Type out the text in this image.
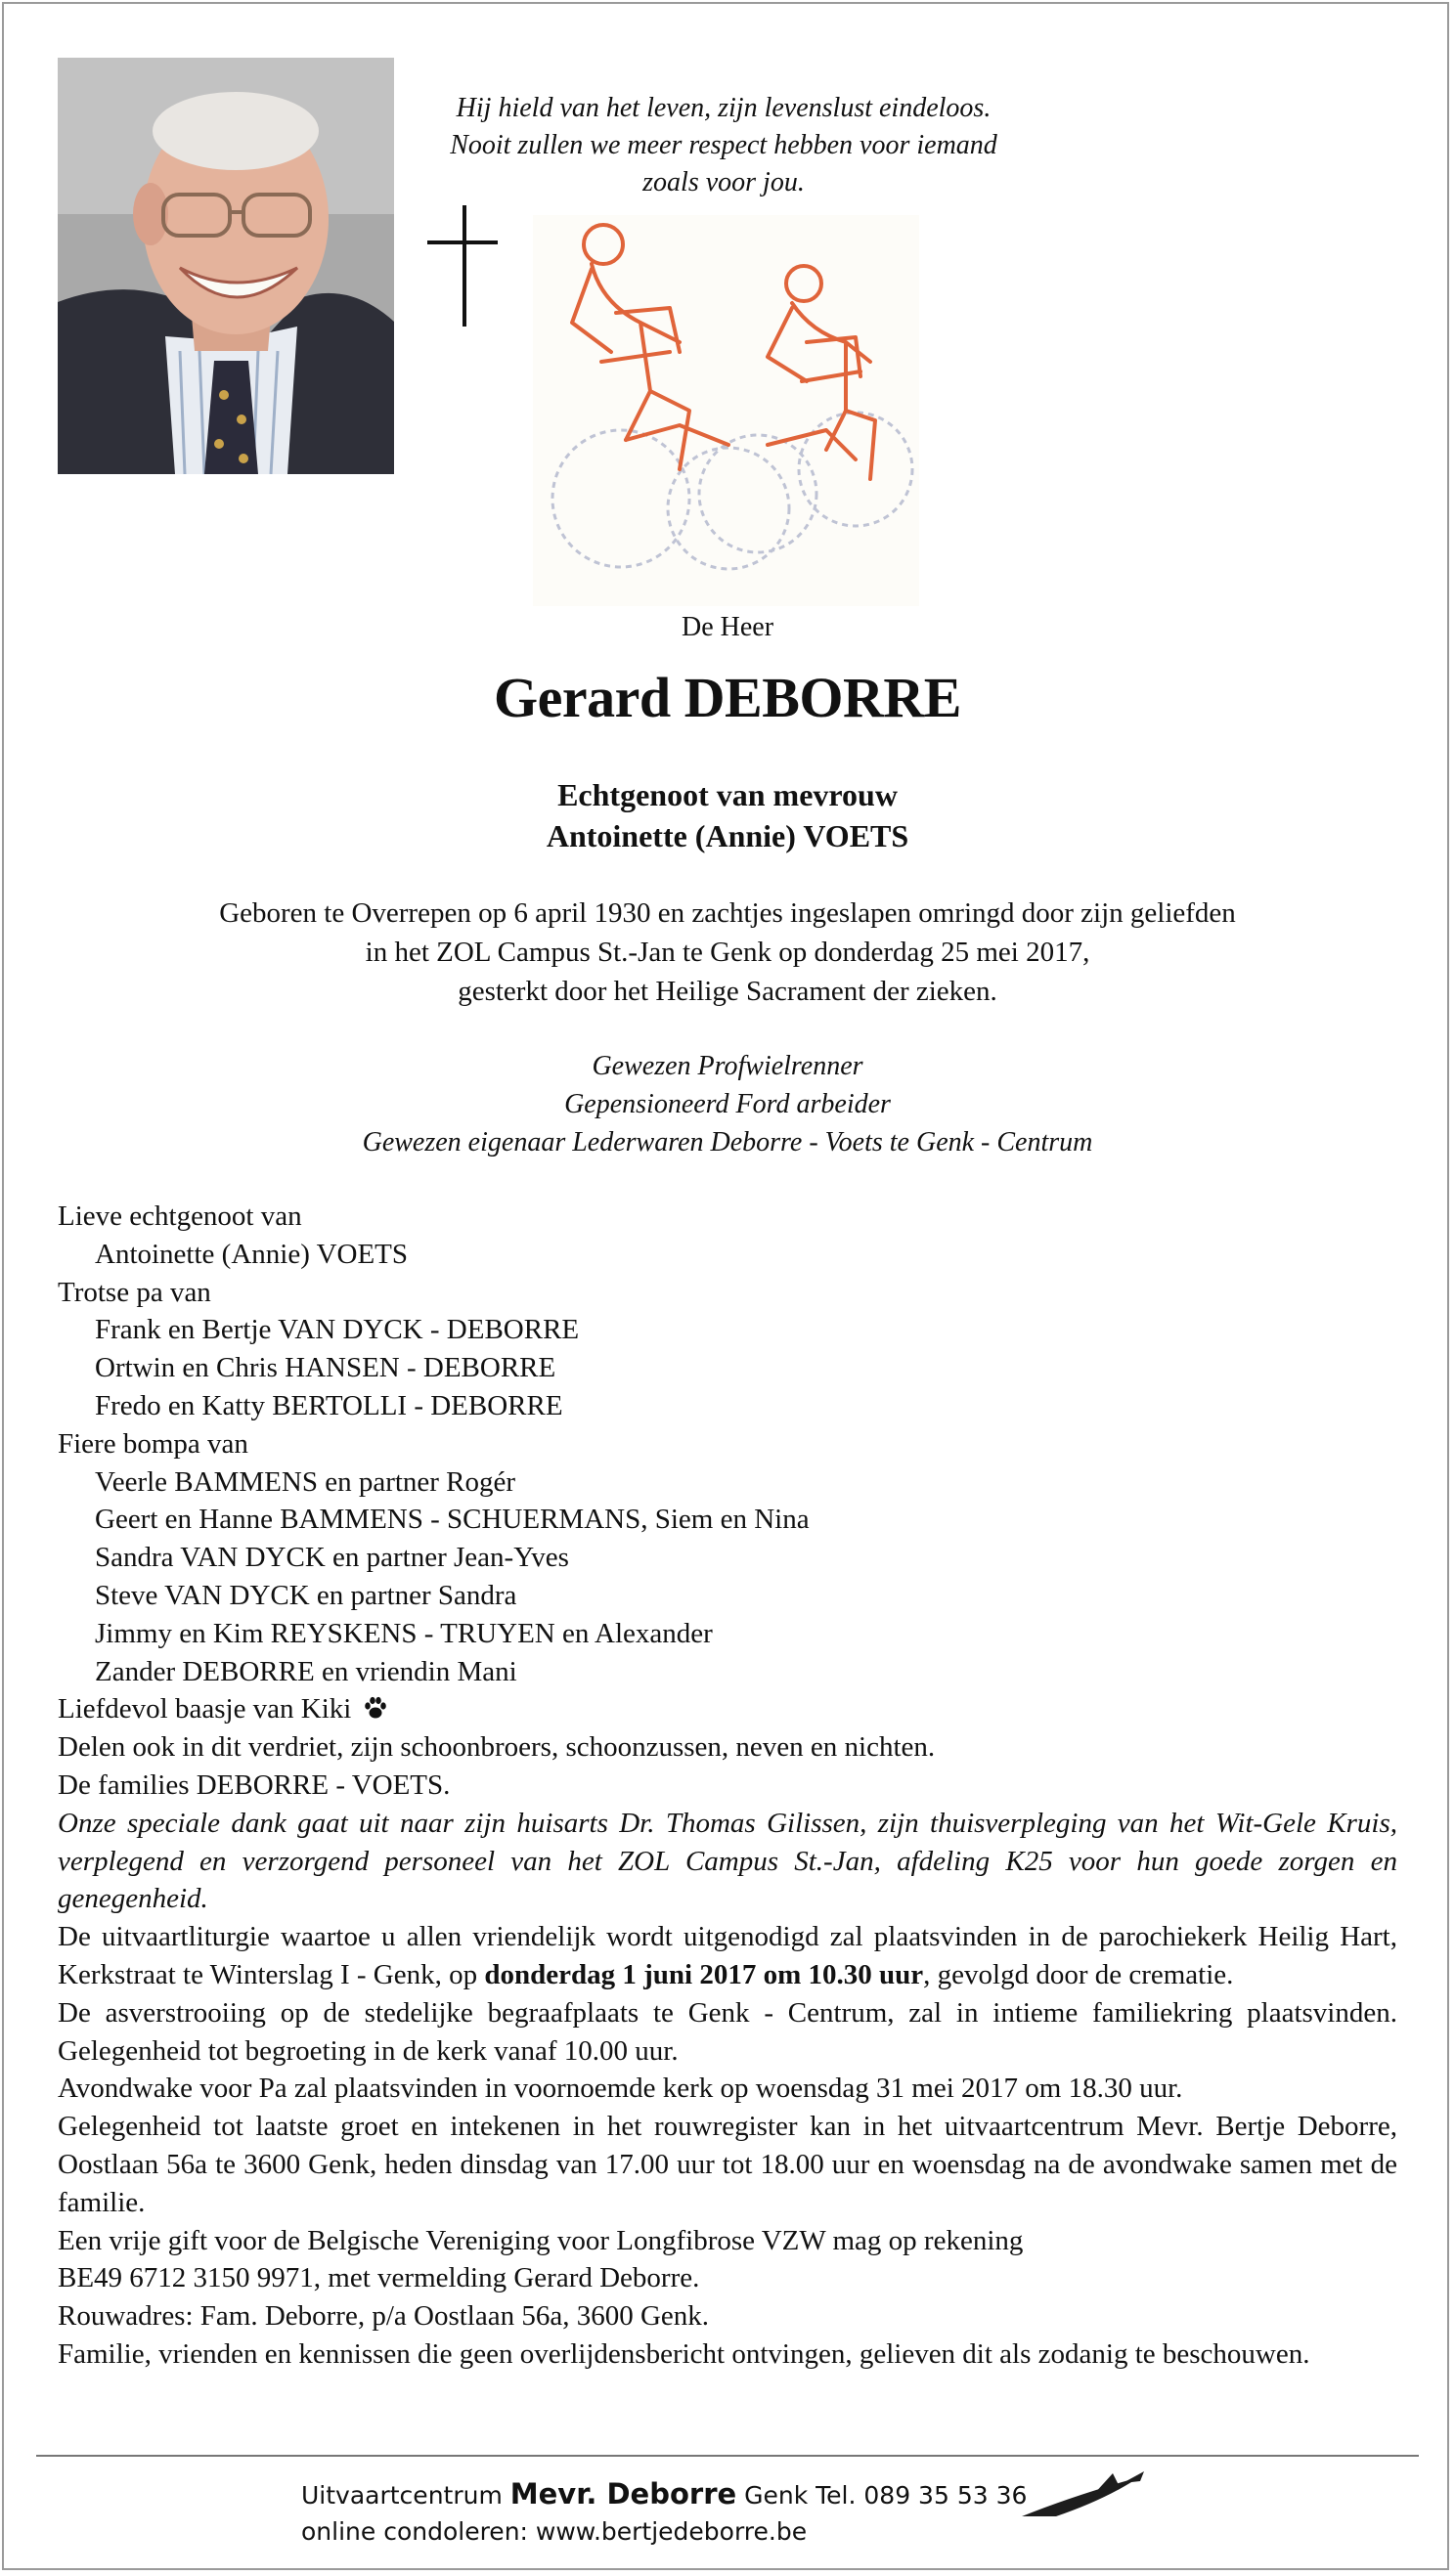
Hij hield van het leven, zijn levenslust eindeloos.
Nooit zullen we meer respect hebben voor iemand zoals voor jou.
De Heer
Gerard DEBORRE
Echtgenoot van mevrouw
Antoinette (Annie) VOETS
Geboren te Overrepen op 6 april 1930 en zachtjes ingeslapen omringd door zijn geliefden
in het ZOL Campus St.-Jan te Genk op donderdag 25 mei 2017,
gesterkt door het Heilige Sacrament der zieken.
Gewezen Profwielrenner
Gepensioneerd Ford arbeider
Gewezen eigenaar Lederwaren Deborre - Voets te Genk - Centrum
Lieve echtgenoot van
Antoinette (Annie) VOETS
Trotse pa van
Frank en Bertje VAN DYCK - DEBORRE
Ortwin en Chris HANSEN - DEBORRE
Fredo en Katty BERTOLLI - DEBORRE
Fiere bompa van
Veerle BAMMENS en partner Rogér
Geert en Hanne BAMMENS - SCHUERMANS, Siem en Nina
Sandra VAN DYCK en partner Jean-Yves
Steve VAN DYCK en partner Sandra
Jimmy en Kim REYSKENS - TRUYEN en Alexander
Zander DEBORRE en vriendin Mani
Liefdevol baasje van Kiki
Delen ook in dit verdriet, zijn schoonbroers, schoonzussen, neven en nichten.
De families DEBORRE - VOETS.
Onze speciale dank gaat uit naar zijn huisarts Dr. Thomas Gilissen, zijn thuisverpleging van het Wit-Gele Kruis, verplegend en verzorgend personeel van het ZOL Campus St.-Jan, afdeling K25 voor hun goede zorgen en genegenheid.
De uitvaartliturgie waartoe u allen vriendelijk wordt uitgenodigd zal plaatsvinden in de parochiekerk Heilig Hart, Kerkstraat te Winterslag I - Genk, op donderdag 1 juni 2017 om 10.30 uur, gevolgd door de crematie.
De asverstrooiing op de stedelijke begraafplaats te Genk - Centrum, zal in intieme familiekring plaatsvinden. Gelegenheid tot begroeting in de kerk vanaf 10.00 uur.
Avondwake voor Pa zal plaatsvinden in voornoemde kerk op woensdag 31 mei 2017 om 18.30 uur.
Gelegenheid tot laatste groet en intekenen in het rouwregister kan in het uitvaartcentrum Mevr. Bertje Deborre, Oostlaan 56a te 3600 Genk, heden dinsdag van 17.00 uur tot 18.00 uur en woensdag na de avondwake samen met de familie.
Een vrije gift voor de Belgische Vereniging voor Longfibrose VZW mag op rekening
BE49 6712 3150 9971, met vermelding Gerard Deborre.
Rouwadres: Fam. Deborre, p/a Oostlaan 56a, 3600 Genk.
Familie, vrienden en kennissen die geen overlijdensbericht ontvingen, gelieven dit als zodanig te beschouwen.
Uitvaartcentrum Mevr. Deborre Genk Tel. 089 35 53 36
online condoleren: www.bertjedeborre.be
